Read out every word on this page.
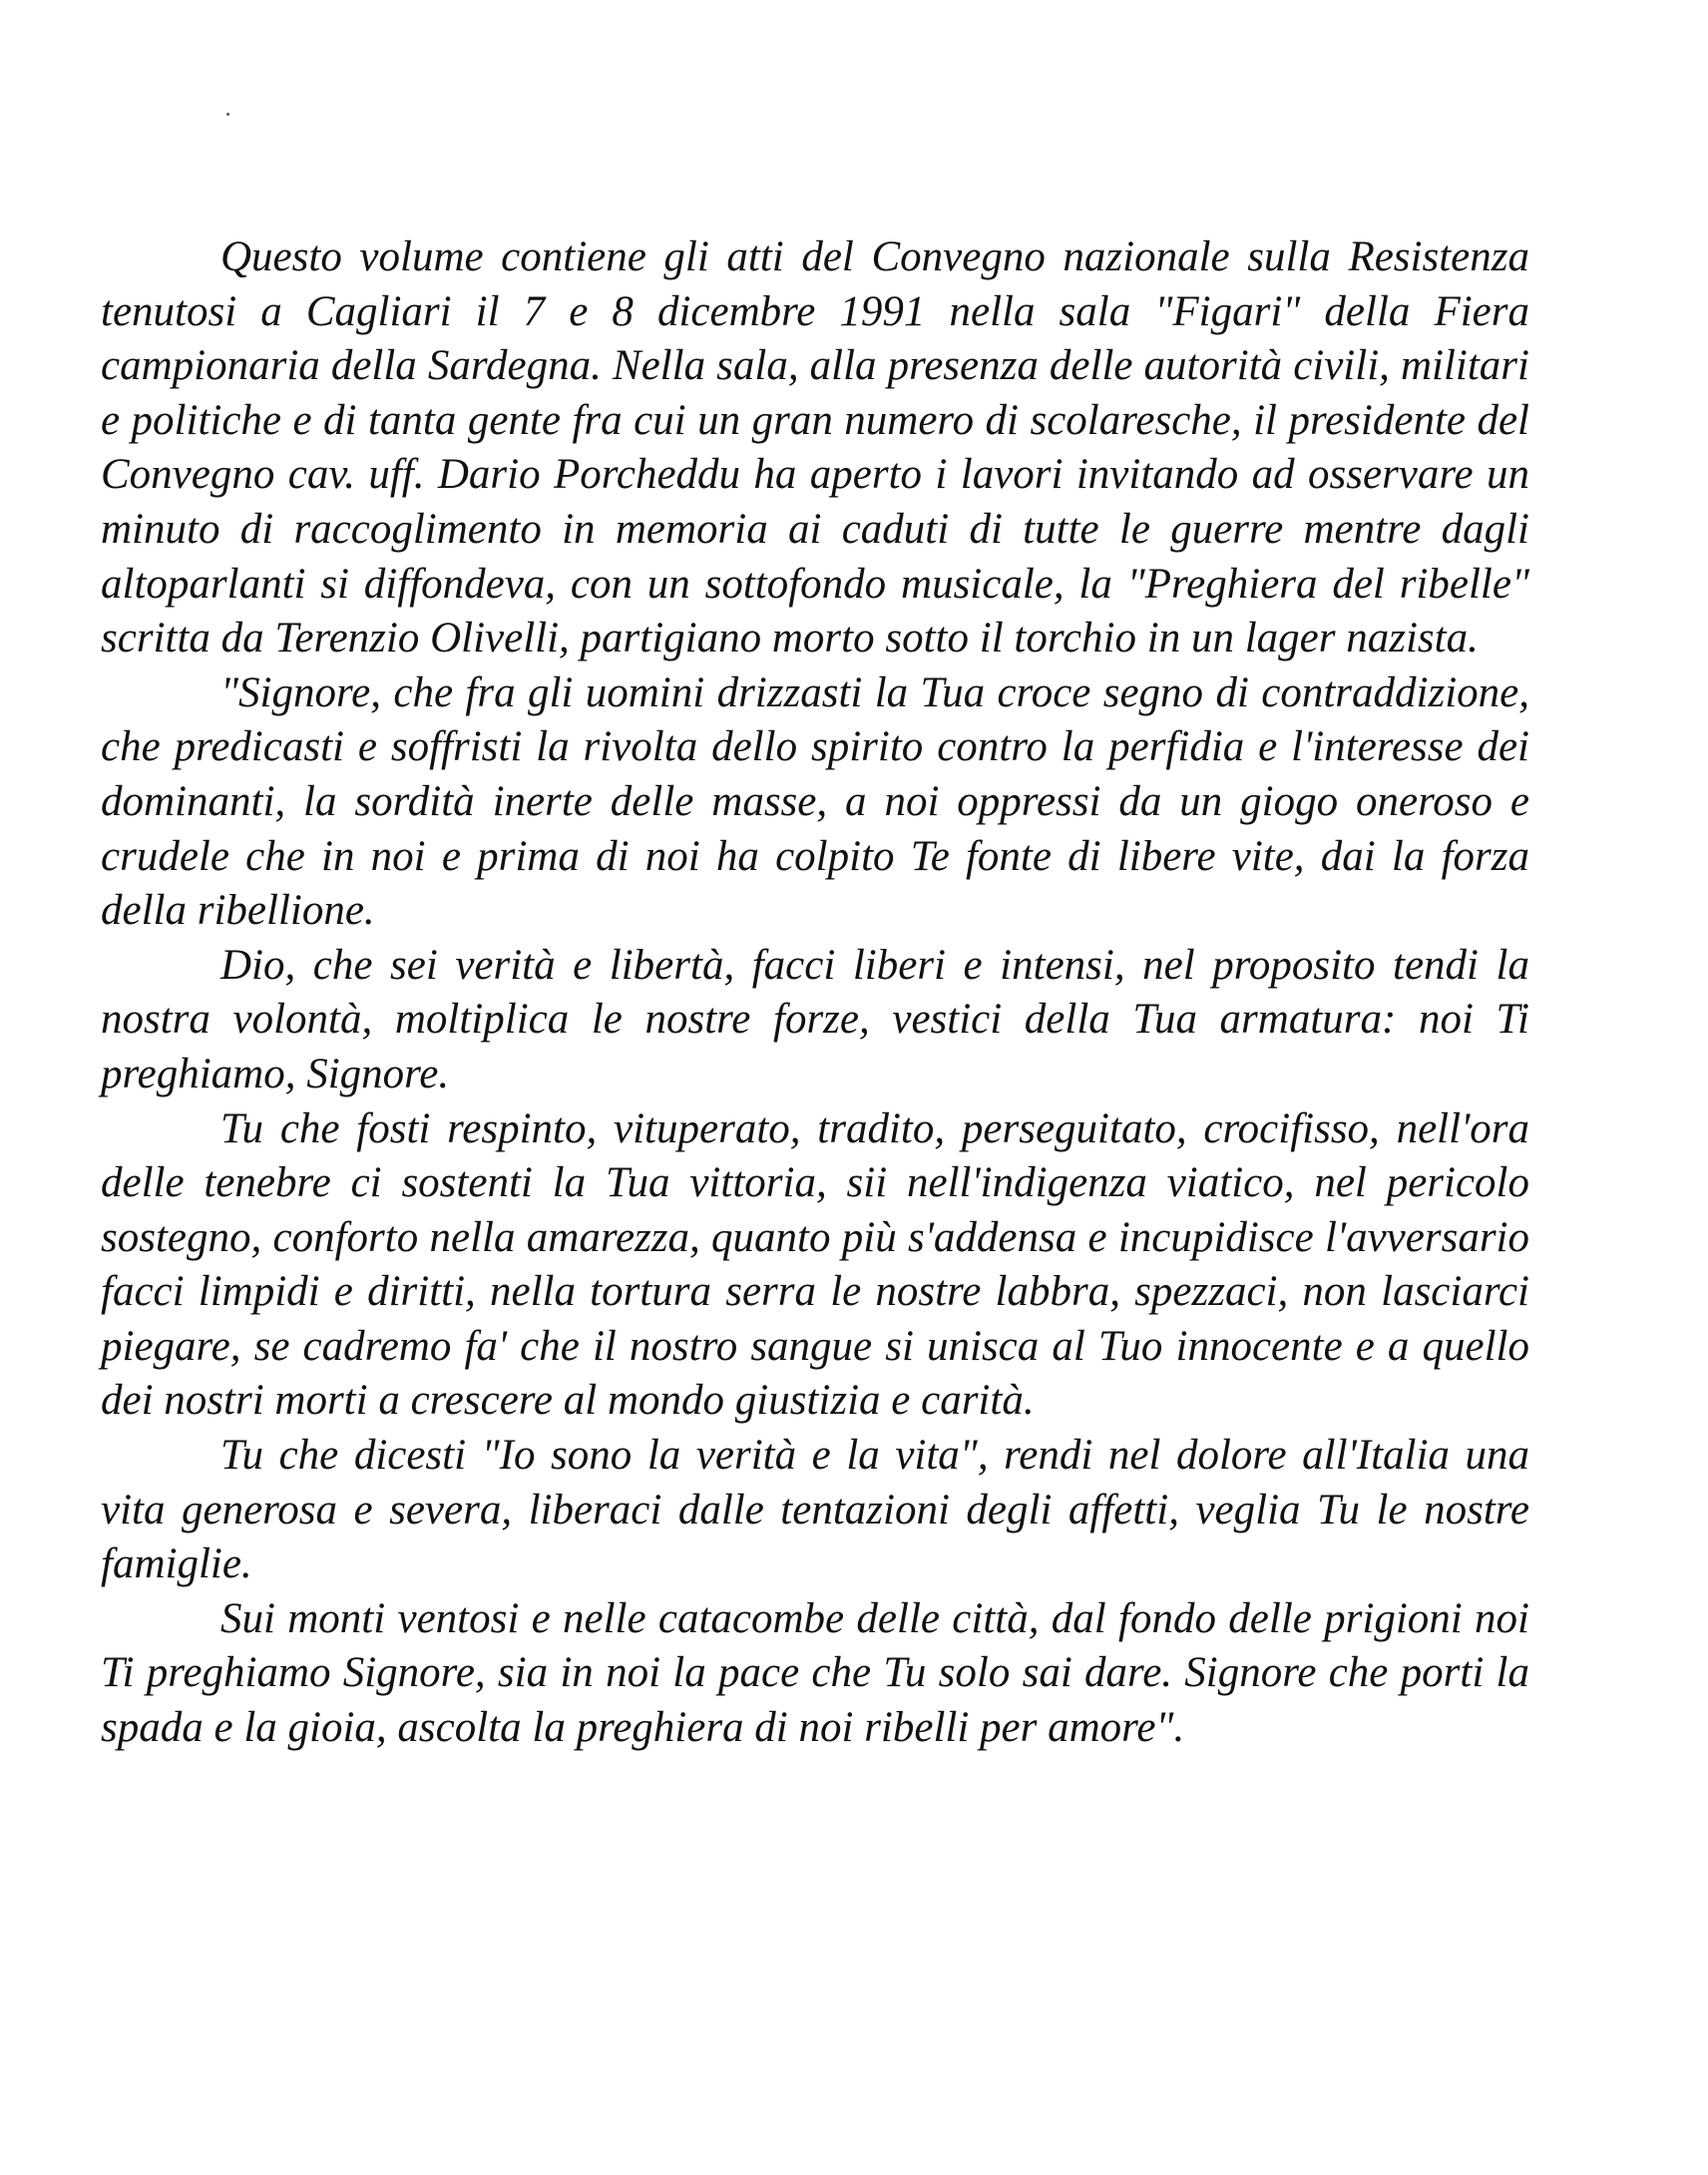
Questo volume contiene gli atti del Convegno nazionale sulla Resistenza tenutosi a Cagliari il 7 e 8 dicembre 1991 nella sala "Figari" della Fiera campionaria della Sardegna. Nella sala, alla presenza delle autorità civili, militari e politiche e di tanta gente fra cui un gran numero di scolaresche, il presidente del Convegno cav. uff. Dario Porcheddu ha aperto i lavori invitando ad osservare un minuto di raccoglimento in memoria ai caduti di tutte le guerre mentre dagli altoparlanti si diffondeva, con un sottofondo musicale, la "Preghiera del ribelle" scritta da Terenzio Olivelli, partigiano morto sotto il torchio in un lager nazista.

"Signore, che fra gli uomini drizzasti la Tua croce segno di contraddizione, che predicasti e soffristi la rivolta dello spirito contro la perfidia e l'interesse dei dominanti, la sordità inerte delle masse, a noi oppressi da un giogo oneroso e crudele che in noi e prima di noi ha colpito Te fonte di libere vite, dai la forza della ribellione.

Dio, che sei verità e libertà, facci liberi e intensi, nel proposito tendi la nostra volontà, moltiplica le nostre forze, vestici della Tua armatura: noi Ti preghiamo, Signore.

Tu che fosti respinto, vituperato, tradito, perseguitato, crocifisso, nell'ora delle tenebre ci sostenti la Tua vittoria, sii nell'indigenza viatico, nel pericolo sostegno, conforto nella amarezza, quanto più s'addensa e incupidisce l'avversario facci limpidi e diritti, nella tortura serra le nostre labbra, spezzaci, non lasciarci piegare, se cadremo fa' che il nostro sangue si unisca al Tuo innocente e a quello dei nostri morti a crescere al mondo giustizia e carità.

Tu che dicesti "Io sono la verità e la vita", rendi nel dolore all'Italia una vita generosa e severa, liberaci dalle tentazioni degli affetti, veglia Tu le nostre famiglie.

Sui monti ventosi e nelle catacombe delle città, dal fondo delle prigioni noi Ti preghiamo Signore, sia in noi la pace che Tu solo sai dare. Signore che porti la spada e la gioia, ascolta la preghiera di noi ribelli per amore".
